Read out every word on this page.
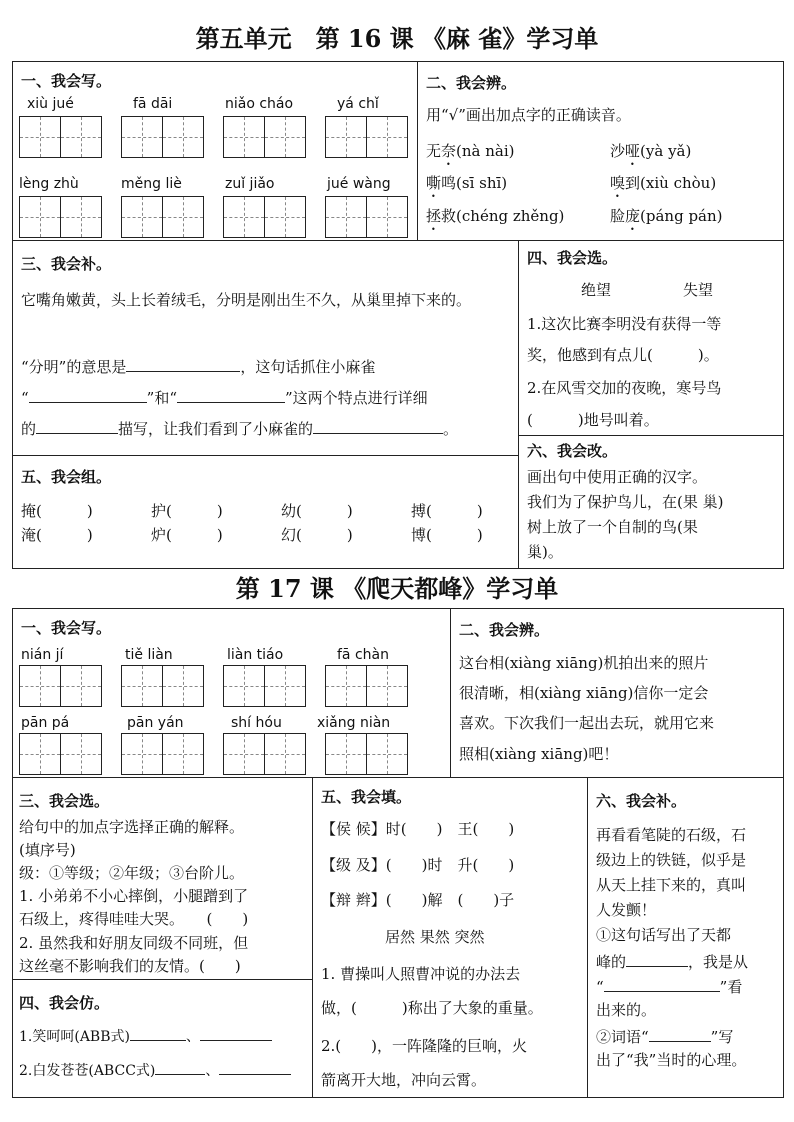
第五单元　第 16 课 《麻 雀》学习单
一、我会写。
xiù jué	fā dāi	niǎo cháo	yá chǐ
lèng zhù	měng liè	zuǐ jiǎo	jué wàng
二、我会辨。
用“√”画出加点字的正确读音。
无奈(nà nài)	沙哑(yà yǎ)
嘶鸣(sī shī)	嗅到(xiù chòu)
拯救(chéng zhěng)	脸庞(páng pán)
三、我会补。
它嘴角嫩黄，头上长着绒毛，分明是刚出生不久，从巢里掉下来的。
“分明”的意思是	，这句话抓住小麻雀
“	”和“	”这两个特点进行详细
的	描写，让我们看到了小麻雀的	。
四、我会选。
绝望	失望
1.这次比赛李明没有获得一等
奖，他感到有点儿(　　　)。
2.在风雪交加的夜晚，寒号鸟
(　　　)地号叫着。
五、我会组。
掩(　　　)	护(　　　)	幼(　　　)	搏(　　　)
淹(　　　)	炉(　　　)	幻(　　　)	博(　　　)
六、我会改。
画出句中使用正确的汉字。
我们为了保护鸟儿，在(果 巢)
树上放了一个自制的鸟(果
巢)。
第 17 课 《爬天都峰》学习单
一、我会写。
nián jí	tiě liàn	liàn tiáo	fā chàn
pān pá	pān yán	shí hóu	xiǎng niàn
二、我会辨。
这台相(xiàng xiāng)机拍出来的照片
很清晰，相(xiàng xiāng)信你一定会
喜欢。下次我们一起出去玩，就用它来
照相(xiàng xiāng)吧！
三、我会选。
给句中的加点字选择正确的解释。
(填序号)
级：①等级；②年级；③台阶儿。
1. 小弟弟不小心摔倒，小腿蹭到了
石级上，疼得哇哇大哭。　　(　　)
2. 虽然我和好朋友同级不同班，但
这丝毫不影响我们的友情。(　　)
四、我会仿。
1.笑呵呵(ABB式)	、
2.白发苍苍(ABCC式)	、
五、我会填。
【侯 候】时(　　)　王(　　)
【级 及】(　　)时　升(　　)
【辩 辫】(　　)解　(　　)子
居然 果然 突然
1. 曹操叫人照曹冲说的办法去
做，(　　　)称出了大象的重量。
2.(　　)，一阵隆隆的巨响，火
箭离开大地，冲向云霄。
六、我会补。
再看看笔陡的石级，石
级边上的铁链，似乎是
从天上挂下来的，真叫
人发颤！
①这句话写出了天都
峰的	，我是从
“	”看
出来的。
②词语“	”写
出了“我”当时的心理。
